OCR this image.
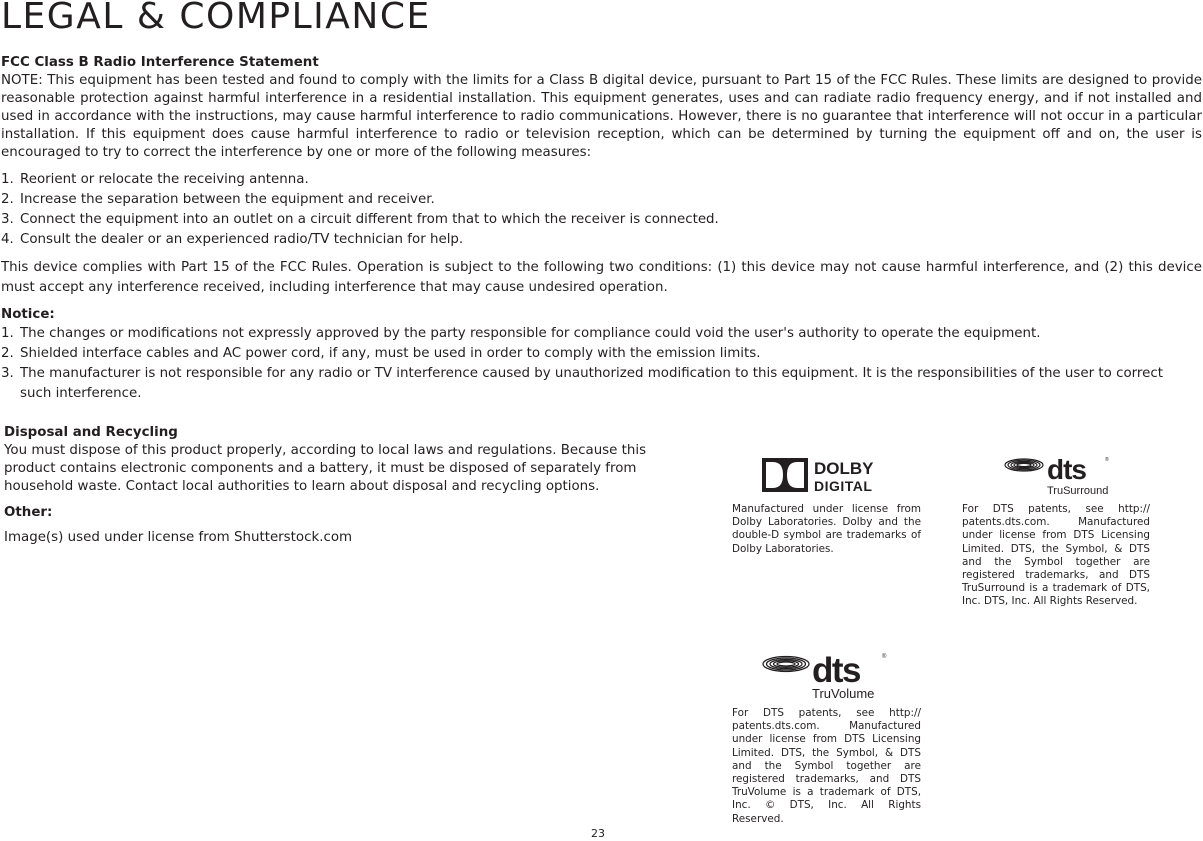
LEGAL & COMPLIANCE
FCC Class B Radio Interference Statement

NOTE: This equipment has been tested and found to comply with the limits for a Class B digital device, pursuant to Part 15 of the FCC Rules. These limits are designed to provide reasonable protection against harmful interference in a residential installation. This equipment generates, uses and can radiate radio frequency energy, and if not installed and used in accordance with the instructions, may cause harmful interference to radio communications. However, there is no guarantee that interference will not occur in a particular installation. If this equipment does cause harmful interference to radio or television reception, which can be determined by turning the equipment off and on, the user is encouraged to try to correct the interference by one or more of the following measures:

1. Reorient or relocate the receiving antenna.
2. Increase the separation between the equipment and receiver.
3. Connect the equipment into an outlet on a circuit different from that to which the receiver is connected.
4. Consult the dealer or an experienced radio/TV technician for help.

This device complies with Part 15 of the FCC Rules. Operation is subject to the following two conditions: (1) this device may not cause harmful interference, and (2) this device must accept any interference received, including interference that may cause undesired operation.

Notice:
1. The changes or modifications not expressly approved by the party responsible for compliance could void the user's authority to operate the equipment.
2. Shielded interface cables and AC power cord, if any, must be used in order to comply with the emission limits.
3. The manufacturer is not responsible for any radio or TV interference caused by unauthorized modification to this equipment. It is the responsibilities of the user to correct such interference.
Disposal and Recycling

You must dispose of this product properly, according to local laws and regulations. Because this product contains electronic components and a battery, it must be disposed of separately from household waste. Contact local authorities to learn about disposal and recycling options.

Other:

Image(s) used under license from Shutterstock.com

DOLBY
DIGITAL
Manufactured under license from Dolby Laboratories. Dolby and the double-D symbol are trademarks of Dolby Laboratories.
dts	®
TruSurround
For DTS patents, see http:// patents.dts.com. Manufactured under license from DTS Licensing Limited. DTS, the Symbol, & DTS and the Symbol together are registered trademarks, and DTS TruSurround is a trademark of DTS, Inc. DTS, Inc. All Rights Reserved.
dts	®
TruVolume
For DTS patents, see http:// patents.dts.com. Manufactured under license from DTS Licensing Limited. DTS, the Symbol, & DTS and the Symbol together are registered trademarks, and DTS TruVolume is a trademark of DTS, Inc. © DTS, Inc. All Rights Reserved.
23
